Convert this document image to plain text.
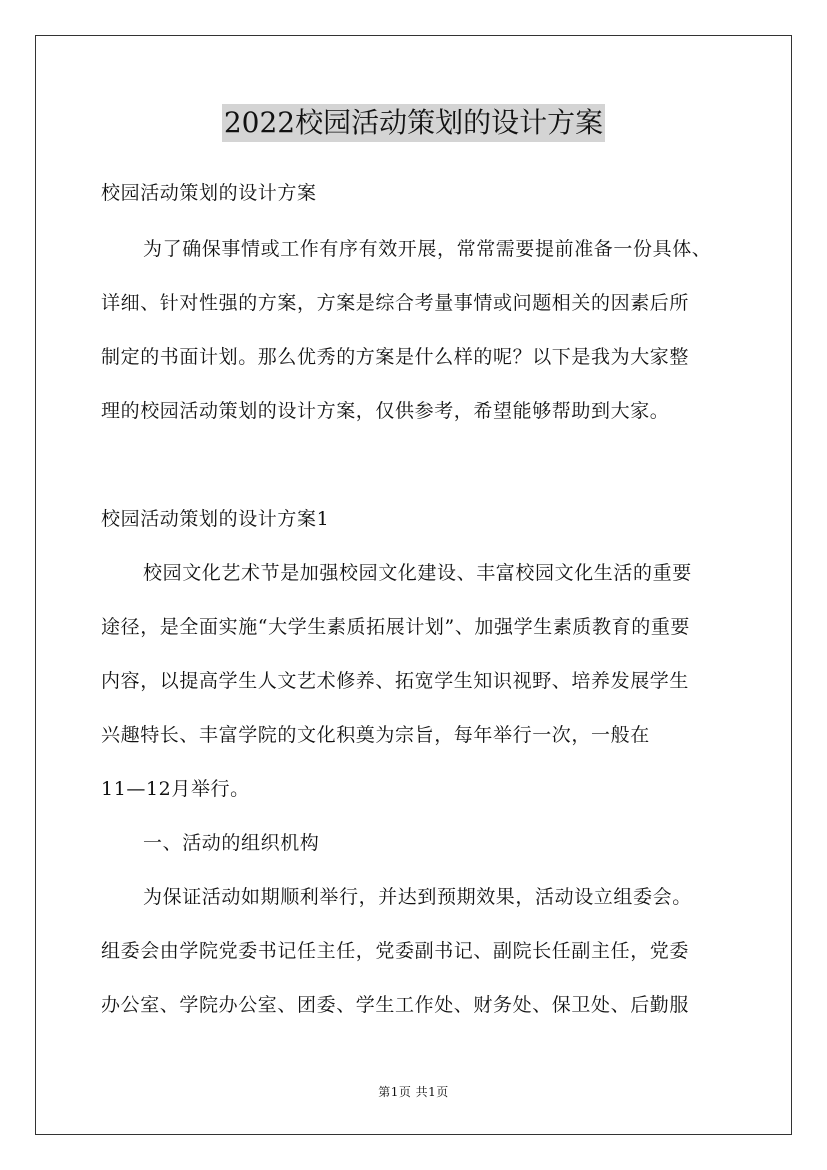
2022校园活动策划的设计方案
校园活动策划的设计方案
为了确保事情或工作有序有效开展，常常需要提前准备一份具体、
详细、针对性强的方案，方案是综合考量事情或问题相关的因素后所
制定的书面计划。那么优秀的方案是什么样的呢？以下是我为大家整
理的校园活动策划的设计方案，仅供参考，希望能够帮助到大家。
校园活动策划的设计方案1
校园文化艺术节是加强校园文化建设、丰富校园文化生活的重要
途径，是全面实施“大学生素质拓展计划”、加强学生素质教育的重要
内容，以提高学生人文艺术修养、拓宽学生知识视野、培养发展学生
兴趣特长、丰富学院的文化积奠为宗旨，每年举行一次，一般在
11—12月举行。
一、活动的组织机构
为保证活动如期顺利举行，并达到预期效果，活动设立组委会。
组委会由学院党委书记任主任，党委副书记、副院长任副主任，党委
办公室、学院办公室、团委、学生工作处、财务处、保卫处、后勤服
第1页 共1页
